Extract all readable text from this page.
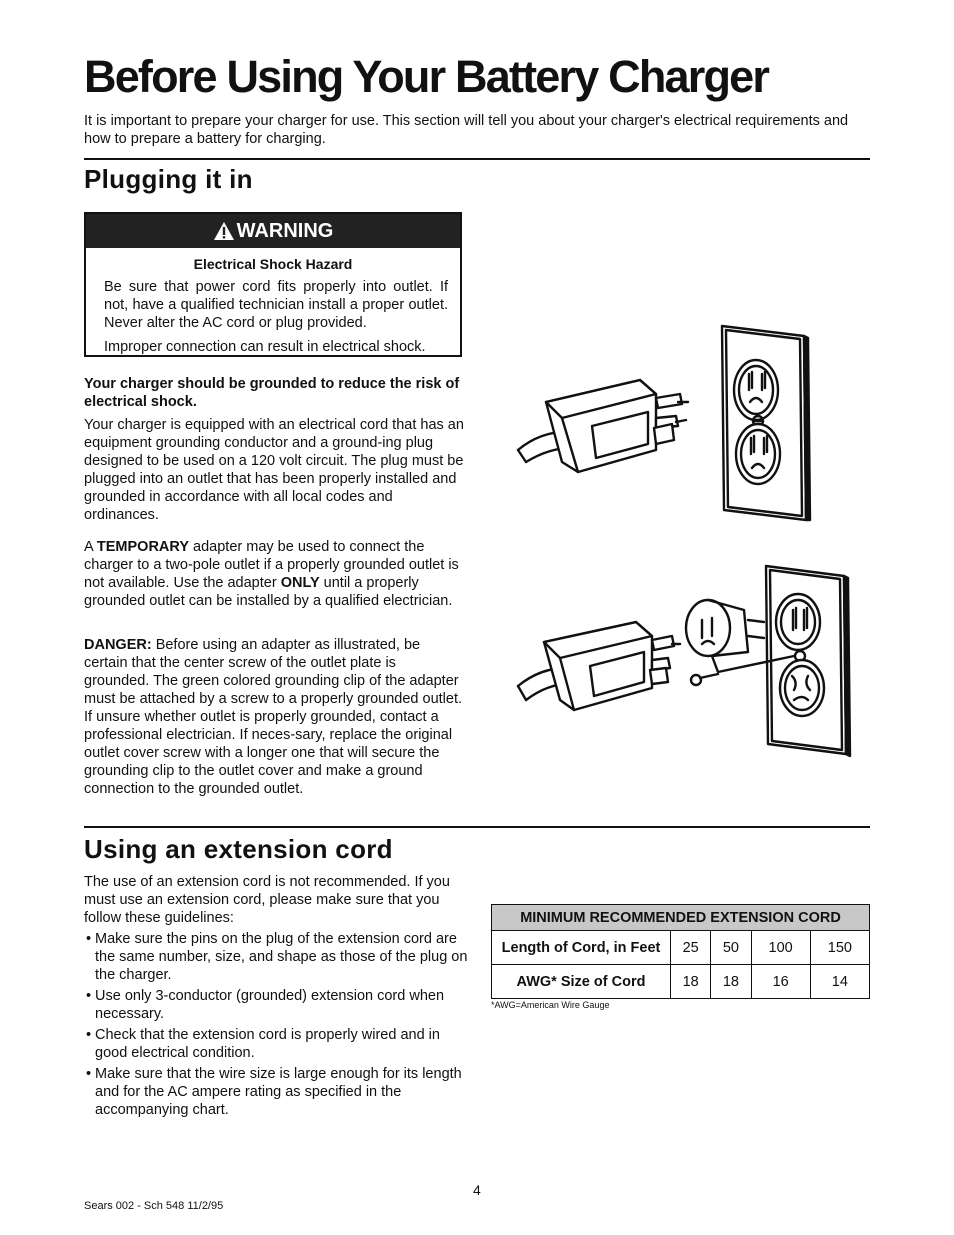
Before Using Your Battery Charger

It is important to prepare your charger for use. This section will tell you about your charger's electrical requirements and how to prepare a battery for charging.

Plugging it in
WARNING
Electrical Shock Hazard

Be sure that power cord fits properly into outlet. If not, have a qualified technician install a proper outlet. Never alter the AC cord or plug provided.

Improper connection can result in electrical shock.

Your charger should be grounded to reduce the risk of electrical shock.

Your charger is equipped with an electrical cord that has an equipment grounding conductor and a ground-ing plug designed to be used on a 120 volt circuit. The plug must be plugged into an outlet that has been properly installed and grounded in accordance with all local codes and ordinances.

A TEMPORARY adapter may be used to connect the charger to a two-pole outlet if a properly grounded outlet is not available. Use the adapter ONLY until a properly grounded outlet can be installed by a qualified electrician.

DANGER: Before using an adapter as illustrated, be certain that the center screw of the outlet plate is grounded. The green colored grounding clip of the adapter must be attached by a screw to a properly grounded outlet. If unsure whether outlet is properly grounded, contact a professional electrician. If neces-sary, replace the original outlet cover screw with a longer one that will secure the grounding clip to the outlet cover and make a ground connection to the grounded outlet.

Using an extension cord

The use of an extension cord is not recommended. If you must use an extension cord, please make sure that you follow these guidelines:

• Make sure the pins on the plug of the extension cord are the same number, size, and shape as those of the plug on the charger.
• Use only 3-conductor (grounded) extension cord when necessary.
• Check that the extension cord is properly wired and in good electrical condition.
• Make sure that the wire size is large enough for its length and for the AC ampere rating as specified in the accompanying chart.
MINIMUM RECOMMENDED EXTENSION CORD				
Length of Cord, in Feet	25	50	100	150
AWG* Size of Cord	18	18	16	14
*AWG=American Wire Gauge
4
Sears 002 - Sch 548 11/2/95
